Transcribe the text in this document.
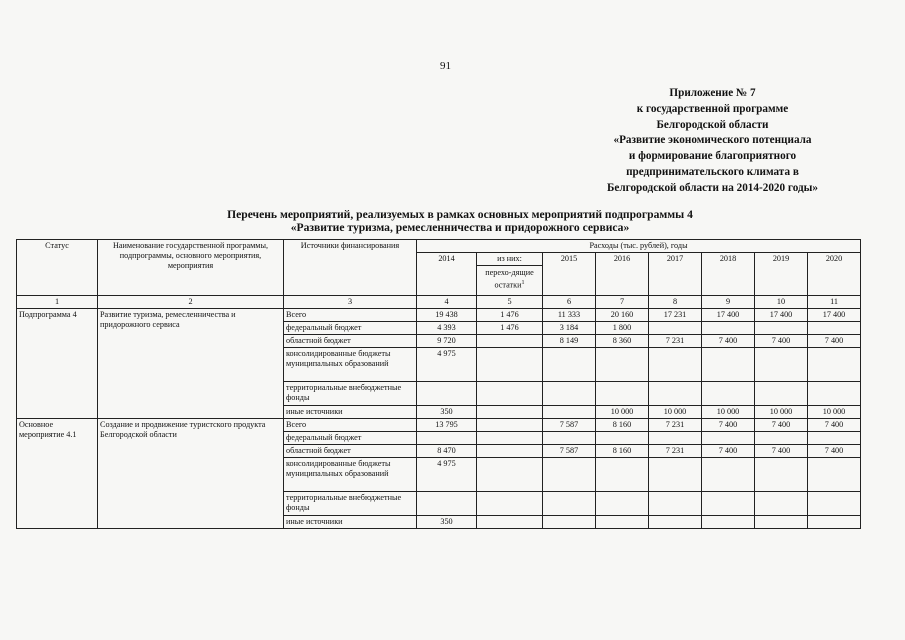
91
Приложение № 7
к государственной программе
Белгородской области
«Развитие экономического потенциала
и формирование благоприятного
предпринимательского климата в
Белгородской области на 2014-2020 годы»
Перечень мероприятий, реализуемых в рамках основных мероприятий подпрограммы 4
«Развитие туризма, ремесленничества и придорожного сервиса»
Статус	Наименование государственной программы, подпрограммы, основного мероприятия, мероприятия	Источники финансирования	Расходы (тыс. рублей), годы							
			2014	из них:
перехо-дящие остатки$^1$	2015	2016	2017	2018	2019	2020
1	2	3	4	5	6	7	8	9	10	11
Подпрограмма 4	Развитие туризма, ремесленничества и придорожного сервиса	Всего	19 438	1 476	11 333	20 160	17 231	17 400	17 400	17 400
		федеральный бюджет	4 393	1 476	3 184	1 800				
		областной бюджет	9 720		8 149	8 360	7 231	7 400	7 400	7 400
		консолидированные бюджеты муниципальных образований	4 975							
		территориальные внебюджетные фонды								
		иные источники	350			10 000	10 000	10 000	10 000	10 000
Основное мероприятие 4.1	Создание и продвижение туристского продукта Белгородской области	Всего	13 795		7 587	8 160	7 231	7 400	7 400	7 400
		федеральный бюджет								
		областной бюджет	8 470		7 587	8 160	7 231	7 400	7 400	7 400
		консолидированные бюджеты муниципальных образований	4 975							
		территориальные внебюджетные фонды								
		иные источники	350							
